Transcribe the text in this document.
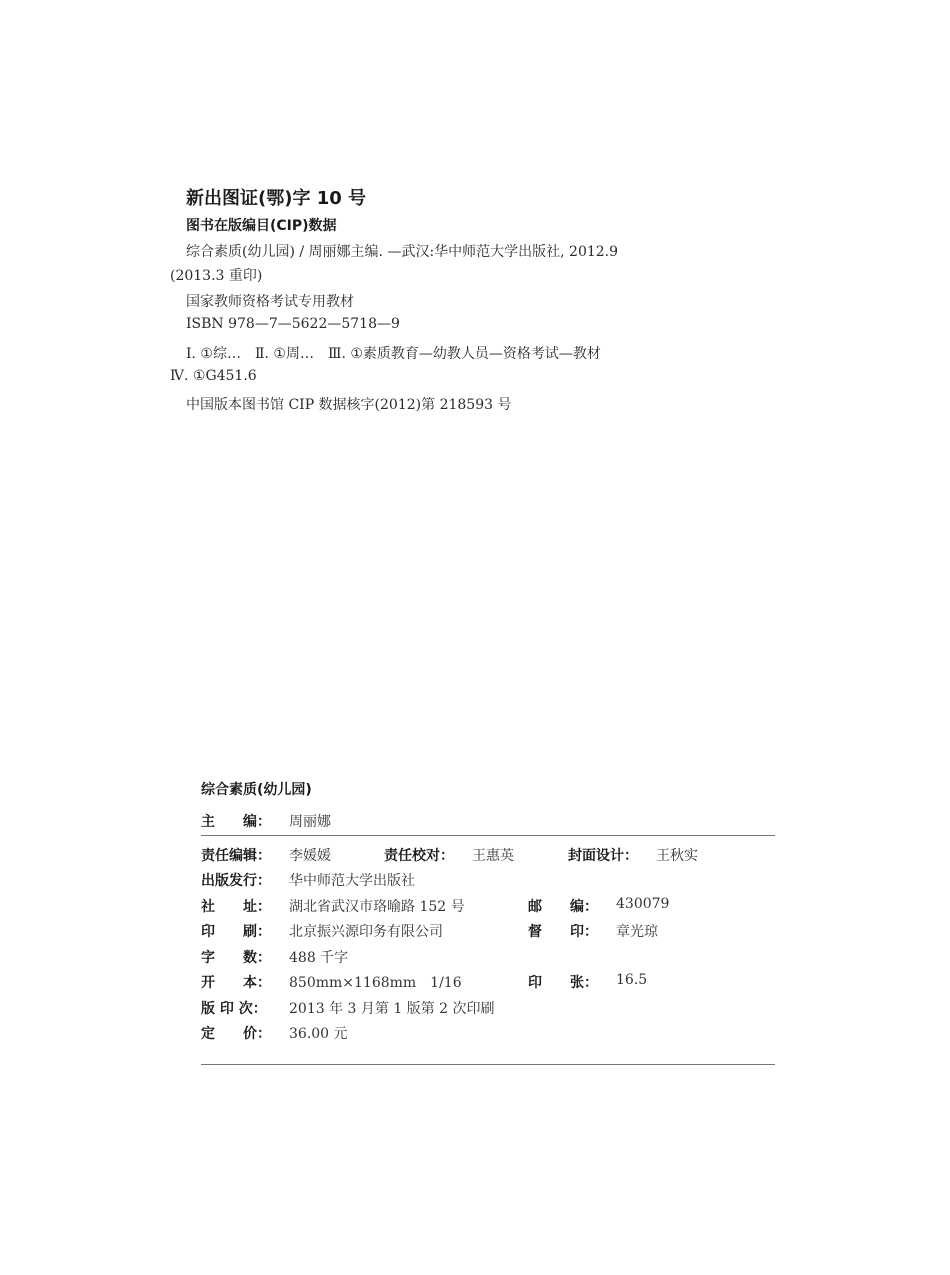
新出图证(鄂)字 10 号
图书在版编目(CIP)数据
综合素质(幼儿园) / 周丽娜主编. —武汉:华中师范大学出版社, 2012.9
(2013.3 重印)
国家教师资格考试专用教材
ISBN 978—7—5622—5718—9
Ⅰ. ①综…　Ⅱ. ①周…　Ⅲ. ①素质教育—幼教人员—资格考试—教材
Ⅳ. ①G451.6
中国版本图书馆 CIP 数据核字(2012)第 218593 号
综合素质(幼儿园)
主　　编： 周丽娜
责任编辑： 李媛媛	责任校对： 王惠英	封面设计： 王秋实
出版发行： 华中师范大学出版社
社　　址： 湖北省武汉市珞喻路 152 号	邮　　编： 430079
印　　刷： 北京振兴源印务有限公司	督　　印： 章光琼
字　　数： 488 千字
开　　本： 850mm×1168mm　1/16	印　　张： 16.5
版 印 次： 2013 年 3 月第 1 版第 2 次印刷
定　　价： 36.00 元
